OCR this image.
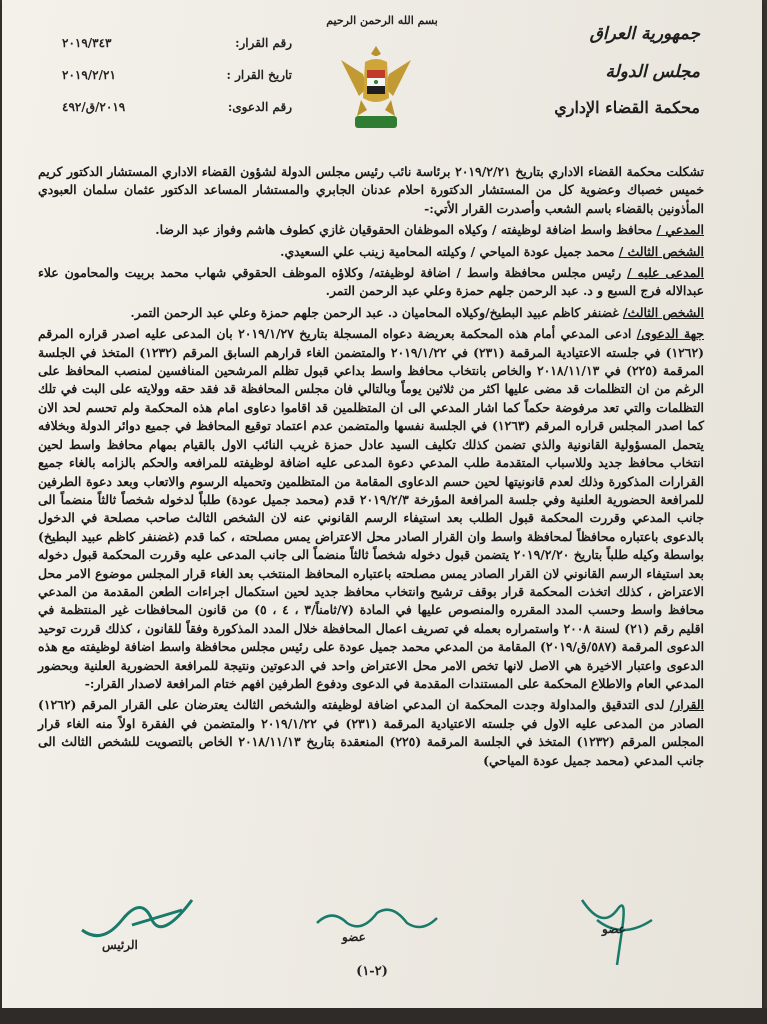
بسم الله الرحمن الرحيم
رقم القرار:
٢٠١٩/٣٤٣
تاريخ القرار :
٢٠١٩/٢/٢١
رقم الدعوى:
٢٠١٩/ق/٤٩٢
جمهورية العراق
مجلس الدولة
محكمة القضاء الإداري

تشكلت محكمة القضاء الاداري بتاريخ ٢٠١٩/٢/٢١ برئاسة نائب رئيس مجلس الدولة لشؤون القضاء الاداري المستشار الدكتور كريم خميس خصباك وعضوية كل من المستشار الدكتورة احلام عدنان الجابري والمستشار المساعد الدكتور عثمان سلمان العبودي المأذونين بالقضاء باسم الشعب وأصدرت القرار الأتي:-

المدعي / محافظ واسط اضافة لوظيفته / وكيلاه الموظفان الحقوقيان غازي كطوف هاشم وفواز عبد الرضا.

الشخص الثالث / محمد جميل عودة المياحي / وكيلته المحامية زينب علي السعيدي.

المدعى عليه / رئيس مجلس محافظة واسط / اضافة لوظيفته/ وكلاؤه الموظف الحقوقي شهاب محمد بربيت والمحامون علاء عبدالاله فرج السبع و د. عبد الرحمن جلهم حمزة وعلي عبد الرحمن التمر.

الشخص الثالث/ غضنفر كاظم عبيد البطيخ/وكيلاه المحاميان د. عبد الرحمن جلهم حمزة وعلي عبد الرحمن التمر.

جهة الدعوى/ ادعى المدعي أمام هذه المحكمة بعريضة دعواه المسجلة بتاريخ ٢٠١٩/١/٢٧ بان المدعى عليه اصدر قراره المرقم (١٢٦٢) في جلسته الاعتيادية المرقمة (٢٣١) في ٢٠١٩/١/٢٢ والمتضمن الغاء قرارهم السابق المرقم (١٢٣٢) المتخذ في الجلسة المرقمة (٢٢٥) في ٢٠١٨/١١/١٣ والخاص بانتخاب محافظ واسط بداعي قبول تظلم المرشحين المنافسين لمنصب المحافظ على الرغم من ان التظلمات قد مضى عليها اكثر من ثلاثين يوماً وبالتالي فان مجلس المحافظة قد فقد حقه وولايته على البت في تلك التظلمات والتي تعد مرفوضة حكماً كما اشار المدعي الى ان المتظلمين قد اقاموا دعاوى امام هذه المحكمة ولم تحسم لحد الان كما اصدر المجلس قراره المرقم (١٢٦٣) في الجلسة نفسها والمتضمن عدم اعتماد توقيع المحافظ في جميع دوائر الدولة وبخلافه يتحمل المسؤولية القانونية والذي تضمن كذلك تكليف السيد عادل حمزة غريب النائب الاول بالقيام بمهام محافظ واسط لحين انتخاب محافظ جديد وللاسباب المتقدمة طلب المدعي دعوة المدعى عليه اضافة لوظيفته للمرافعه والحكم بالزامه بالغاء جميع القرارات المذكورة وذلك لعدم قانونيتها لحين حسم الدعاوى المقامة من المتظلمين وتحميله الرسوم والاتعاب وبعد دعوة الطرفين للمرافعة الحضورية العلنية وفي جلسة المرافعة المؤرخة ٢٠١٩/٢/٣ قدم (محمد جميل عودة) طلباً لدخوله شخصاً ثالثاً منضماً الى جانب المدعي وقررت المحكمة قبول الطلب بعد استيفاء الرسم القانوني عنه لان الشخص الثالث صاحب مصلحة في الدخول بالدعوى باعتباره محافظاً لمحافظة واسط وان القرار الصادر محل الاعتراض يمس مصلحته ، كما قدم (غضنفر كاظم عبيد البطيخ) بواسطة وكيله طلباً بتاريخ ٢٠١٩/٢/٢٠ يتضمن قبول دخوله شخصاً ثالثاً منضماً الى جانب المدعى عليه وقررت المحكمة قبول دخوله بعد استيفاء الرسم القانوني لان القرار الصادر يمس مصلحته باعتباره المحافظ المنتخب بعد الغاء قرار المجلس موضوع الامر محل الاعتراض ، كذلك اتخذت المحكمة قرار بوقف ترشيح وانتخاب محافظ جديد لحين استكمال اجراءات الطعن المقدمة من المدعي محافظ واسط وحسب المدد المقرره والمنصوص عليها في المادة (٧/ثامناً/٣ ، ٤ ، ٥) من قانون المحافظات غير المنتظمة في اقليم رقم (٢١) لسنة ٢٠٠٨ واستمراره بعمله في تصريف اعمال المحافظة خلال المدد المذكورة وفقاً للقانون ، كذلك قررت توحيد الدعوى المرقمة (٥٨٧/ق/٢٠١٩) المقامة من المدعي محمد جميل عودة على رئيس مجلس محافظة واسط اضافة لوظيفته مع هذه الدعوى واعتبار الاخيرة هي الاصل لانها تخص الامر محل الاعتراض واحد في الدعوتين ونتيجة للمرافعة الحضورية العلنية وبحضور المدعي العام والاطلاع المحكمة على المستندات المقدمة في الدعوى ودفوع الطرفين افهم ختام المرافعة لاصدار القرار:-

القرار/ لدى التدقيق والمداولة وجدت المحكمة ان المدعي اضافة لوظيفته والشخص الثالث يعترضان على القرار المرقم (١٢٦٢) الصادر من المدعى عليه الاول في جلسته الاعتيادية المرقمة (٢٣١) في ٢٠١٩/١/٢٢ والمتضمن في الفقرة اولاً منه الغاء قرار المجلس المرقم (١٢٣٢) المتخذ في الجلسة المرقمة (٢٢٥) المنعقدة بتاريخ ٢٠١٨/١١/١٣ الخاص بالتصويت للشخص الثالث الى جانب المدعي (محمد جميل عودة المياحي)

الرئيس
عضو
عضو
(٢-١)
